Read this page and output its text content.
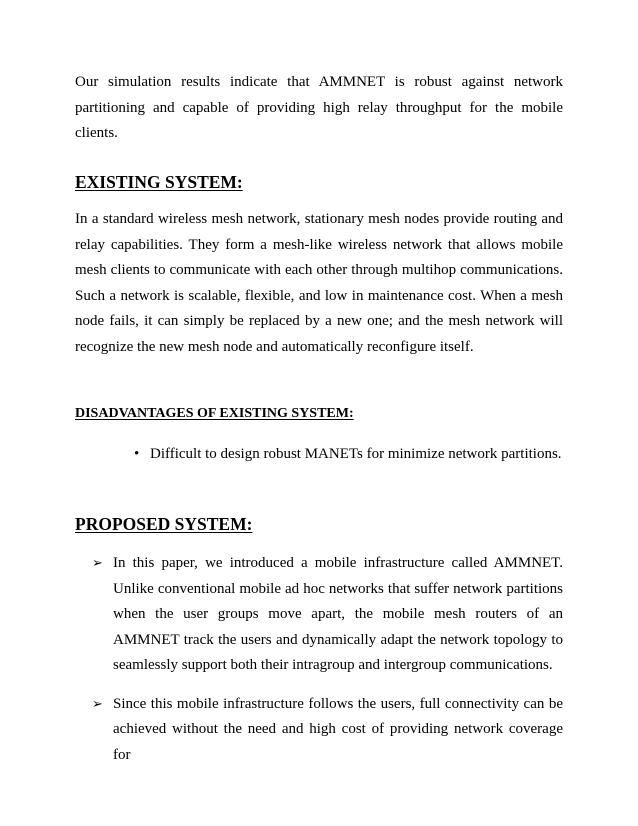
Our simulation results indicate that AMMNET is robust against network partitioning and capable of providing high relay throughput for the mobile clients.

EXISTING SYSTEM:

In a standard wireless mesh network, stationary mesh nodes provide routing and relay capabilities. They form a mesh-like wireless network that allows mobile mesh clients to communicate with each other through multihop communications. Such a network is scalable, flexible, and low in maintenance cost. When a mesh node fails, it can simply be replaced by a new one; and the mesh network will recognize the new mesh node and automatically reconfigure itself.

DISADVANTAGES OF EXISTING SYSTEM:
• Difficult to design robust MANETs for minimize network partitions.
PROPOSED SYSTEM:
➢ In this paper, we introduced a mobile infrastructure called AMMNET. Unlike conventional mobile ad hoc networks that suffer network partitions when the user groups move apart, the mobile mesh routers of an AMMNET track the users and dynamically adapt the network topology to seamlessly support both their intragroup and intergroup communications.
➢ Since this mobile infrastructure follows the users, full connectivity can be achieved without the need and high cost of providing network coverage for
